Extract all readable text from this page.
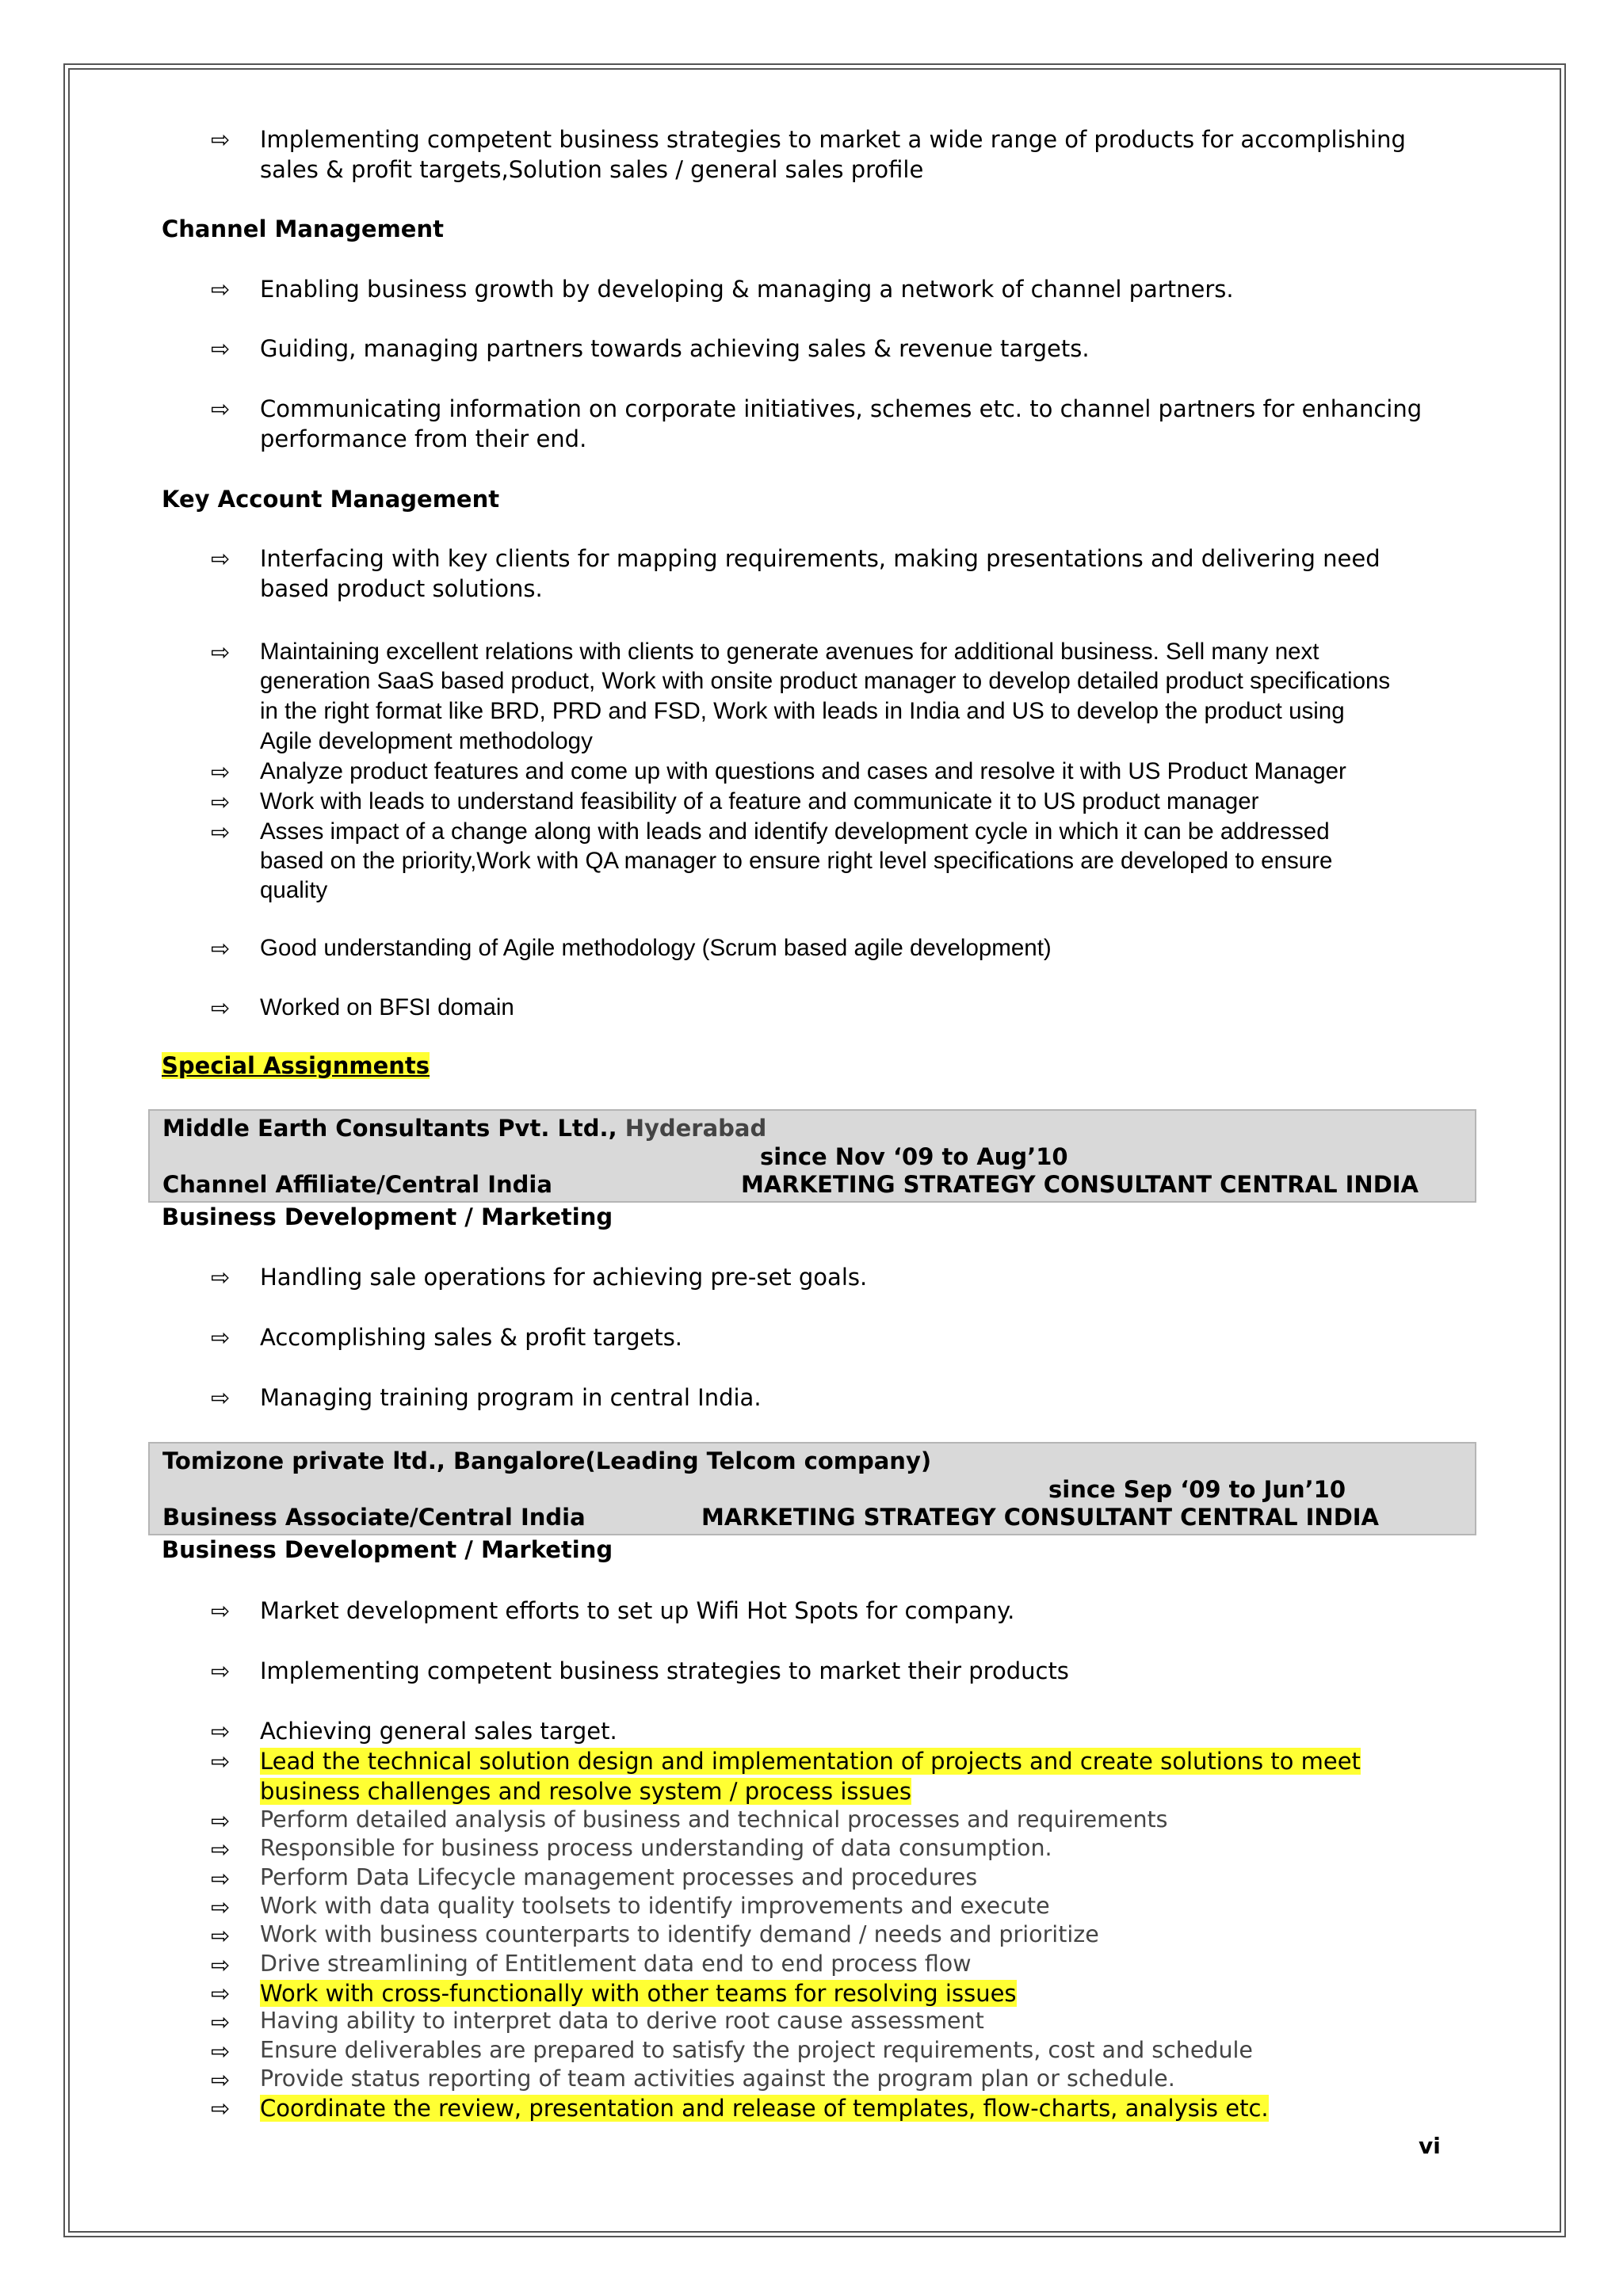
⇨ Implementing competent business strategies to market a wide range of products for accomplishing
sales & profit targets,Solution sales / general sales profile
Channel Management
⇨ Enabling business growth by developing & managing a network of channel partners.
⇨ Guiding, managing partners towards achieving sales & revenue targets.
⇨ Communicating information on corporate initiatives, schemes etc. to channel partners for enhancing
performance from their end.
Key Account Management
⇨ Interfacing with key clients for mapping requirements, making presentations and delivering need
based product solutions.
⇨ Maintaining excellent relations with clients to generate avenues for additional business. Sell many next
generation SaaS based product, Work with onsite product manager to develop detailed product specifications
in the right format like BRD, PRD and FSD, Work with leads in India and US to develop the product using
Agile development methodology
⇨ Analyze product features and come up with questions and cases and resolve it with US Product Manager
⇨ Work with leads to understand feasibility of a feature and communicate it to US product manager
⇨ Asses impact of a change along with leads and identify development cycle in which it can be addressed
based on the priority,Work with QA manager to ensure right level specifications are developed to ensure
quality
⇨ Good understanding of Agile methodology (Scrum based agile development)
⇨ Worked on BFSI domain
Special Assignments
Middle Earth Consultants Pvt. Ltd., Hyderabad
since Nov ‘09 to Aug’10
Channel Affiliate/Central India	MARKETING STRATEGY CONSULTANT CENTRAL INDIA
Business Development / Marketing
⇨ Handling sale operations for achieving pre-set goals.
⇨ Accomplishing sales & profit targets.
⇨ Managing training program in central India.
Tomizone private ltd., Bangalore(Leading Telcom company)
since Sep ‘09 to Jun’10
Business Associate/Central India	MARKETING STRATEGY CONSULTANT CENTRAL INDIA
Business Development / Marketing
⇨ Market development efforts to set up Wifi Hot Spots for company.
⇨ Implementing competent business strategies to market their products
⇨ Achieving general sales target.
⇨ Lead the technical solution design and implementation of projects and create solutions to meet
business challenges and resolve system / process issues
⇨ Perform detailed analysis of business and technical processes and requirements
⇨ Responsible for business process understanding of data consumption.
⇨ Perform Data Lifecycle management processes and procedures
⇨ Work with data quality toolsets to identify improvements and execute
⇨ Work with business counterparts to identify demand / needs and prioritize
⇨ Drive streamlining of Entitlement data end to end process flow
⇨ Work with cross-functionally with other teams for resolving issues
⇨ Having ability to interpret data to derive root cause assessment
⇨ Ensure deliverables are prepared to satisfy the project requirements, cost and schedule
⇨ Provide status reporting of team activities against the program plan or schedule.
⇨ Coordinate the review, presentation and release of templates, flow-charts, analysis etc.
vi
